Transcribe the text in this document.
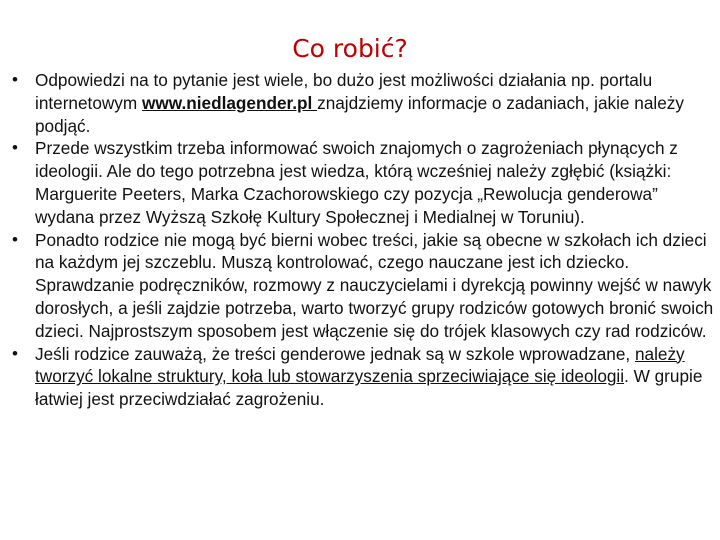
Co robić?
• Odpowiedzi na to pytanie jest wiele, bo dużo jest możliwości działania np. portalu internetowym www.niedlagender.pl znajdziemy informacje o zadaniach, jakie należy podjąć.
• Przede wszystkim trzeba informować swoich znajomych o zagrożeniach płynących z ideologii. Ale do tego potrzebna jest wiedza, którą wcześniej należy zgłębić (książki: Marguerite Peeters, Marka Czachorowskiego czy pozycja „Rewolucja genderowa” wydana przez Wyższą Szkołę Kultury Społecznej i Medialnej w Toruniu).
• Ponadto rodzice nie mogą być bierni wobec treści, jakie są obecne w szkołach ich dzieci na każdym jej szczeblu. Muszą kontrolować, czego nauczane jest ich dziecko. Sprawdzanie podręczników, rozmowy z nauczycielami i dyrekcją powinny wejść w nawyk dorosłych, a jeśli zajdzie potrzeba, warto tworzyć grupy rodziców gotowych bronić swoich dzieci. Najprostszym sposobem jest włączenie się do trójek klasowych czy rad rodziców.
• Jeśli rodzice zauważą, że treści genderowe jednak są w szkole wprowadzane, należy tworzyć lokalne struktury, koła lub stowarzyszenia sprzeciwiające się ideologii. W grupie łatwiej jest przeciwdziałać zagrożeniu.
